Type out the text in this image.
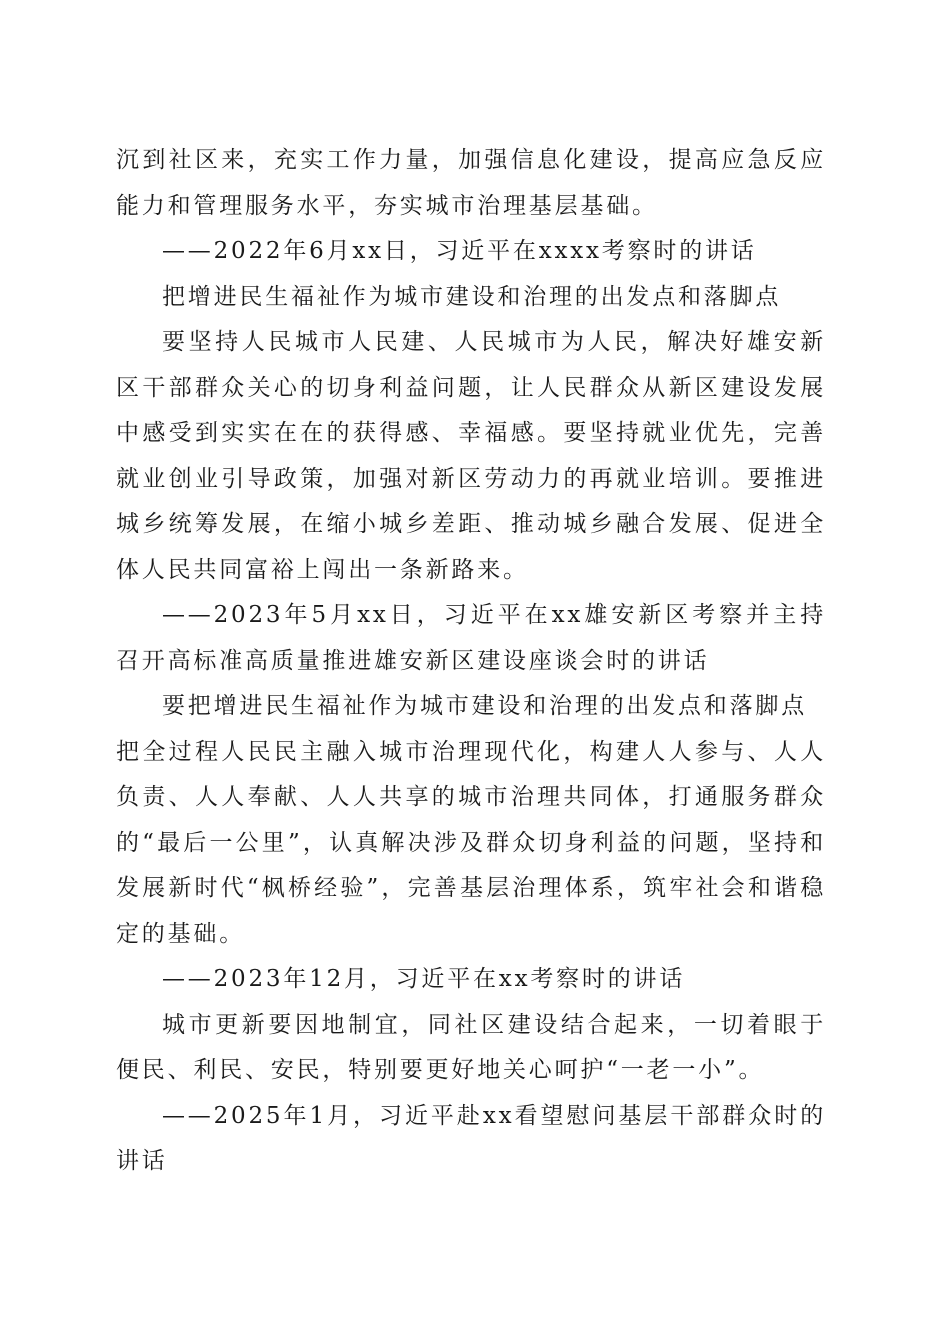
沉到社区来，充实工作力量，加强信息化建设，提高应急反应能力和管理服务水平，夯实城市治理基层基础。

——2022年6月xx日，习近平在xxxx考察时的讲话

把增进民生福祉作为城市建设和治理的出发点和落脚点

要坚持人民城市人民建、人民城市为人民，解决好雄安新区干部群众关心的切身利益问题，让人民群众从新区建设发展中感受到实实在在的获得感、幸福感。要坚持就业优先，完善就业创业引导政策，加强对新区劳动力的再就业培训。要推进城乡统筹发展，在缩小城乡差距、推动城乡融合发展、促进全体人民共同富裕上闯出一条新路来。

——2023年5月xx日，习近平在xx雄安新区考察并主持召开高标准高质量推进雄安新区建设座谈会时的讲话

要把增进民生福祉作为城市建设和治理的出发点和落脚点

把全过程人民民主融入城市治理现代化，构建人人参与、人人负责、人人奉献、人人共享的城市治理共同体，打通服务群众的“最后一公里”，认真解决涉及群众切身利益的问题，坚持和发展新时代“枫桥经验”，完善基层治理体系，筑牢社会和谐稳定的基础。

——2023年12月，习近平在xx考察时的讲话

城市更新要因地制宜，同社区建设结合起来，一切着眼于便民、利民、安民，特别要更好地关心呵护“一老一小”。

——2025年1月，习近平赴xx看望慰问基层干部群众时的讲话
